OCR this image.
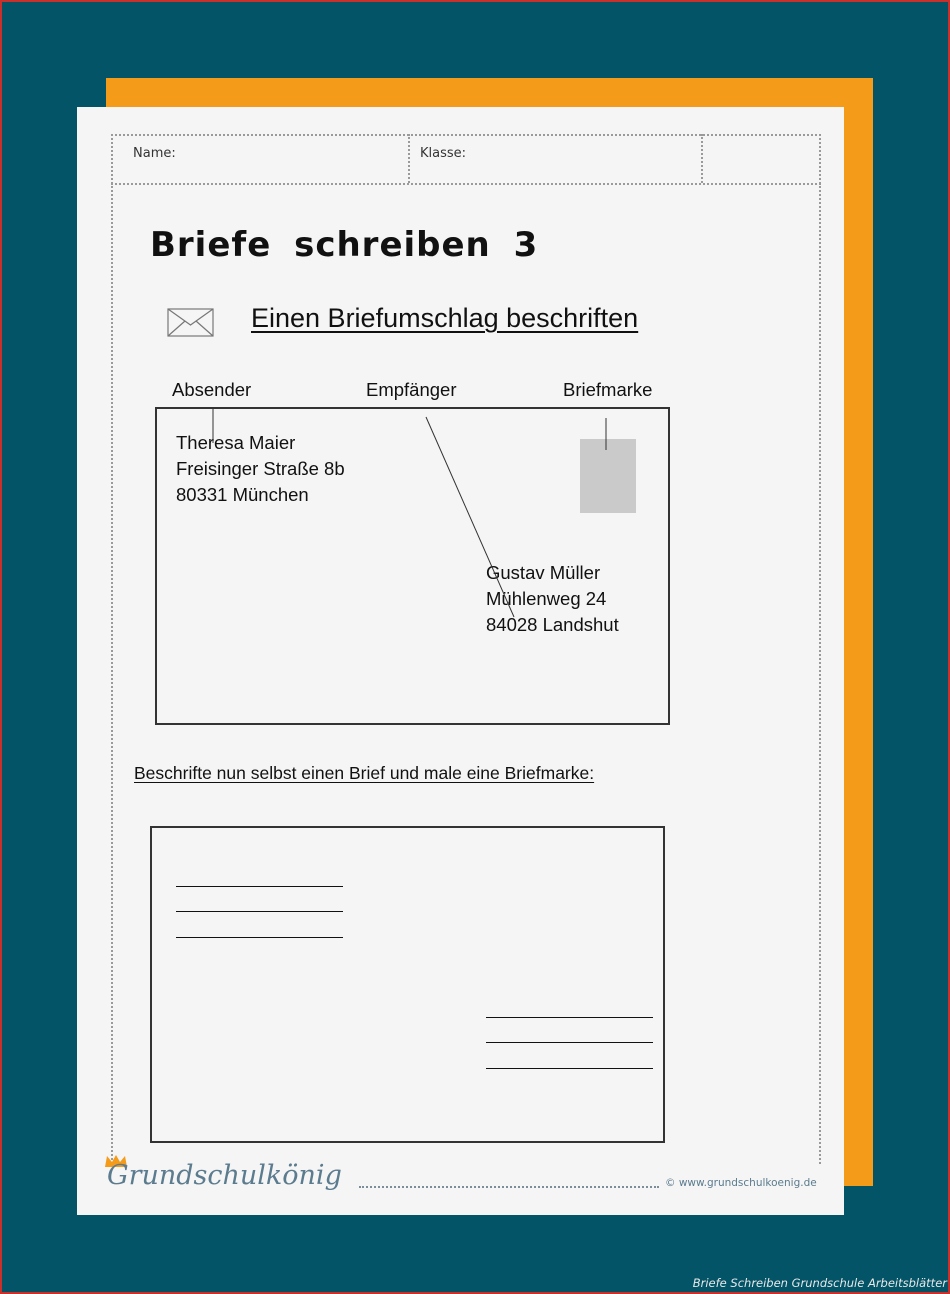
Name:	Klasse:
Briefe schreiben 3
Einen Briefumschlag beschriften
Absender	Empfänger	Briefmarke
Theresa Maier
Freisinger Straße 8b
80331 München
Gustav Müller
Mühlenweg 24
84028 Landshut
Beschrifte nun selbst einen Brief und male eine Briefmarke:
Grundschulkönig	© www.grundschulkoenig.de
Briefe Schreiben Grundschule Arbeitsblätter
